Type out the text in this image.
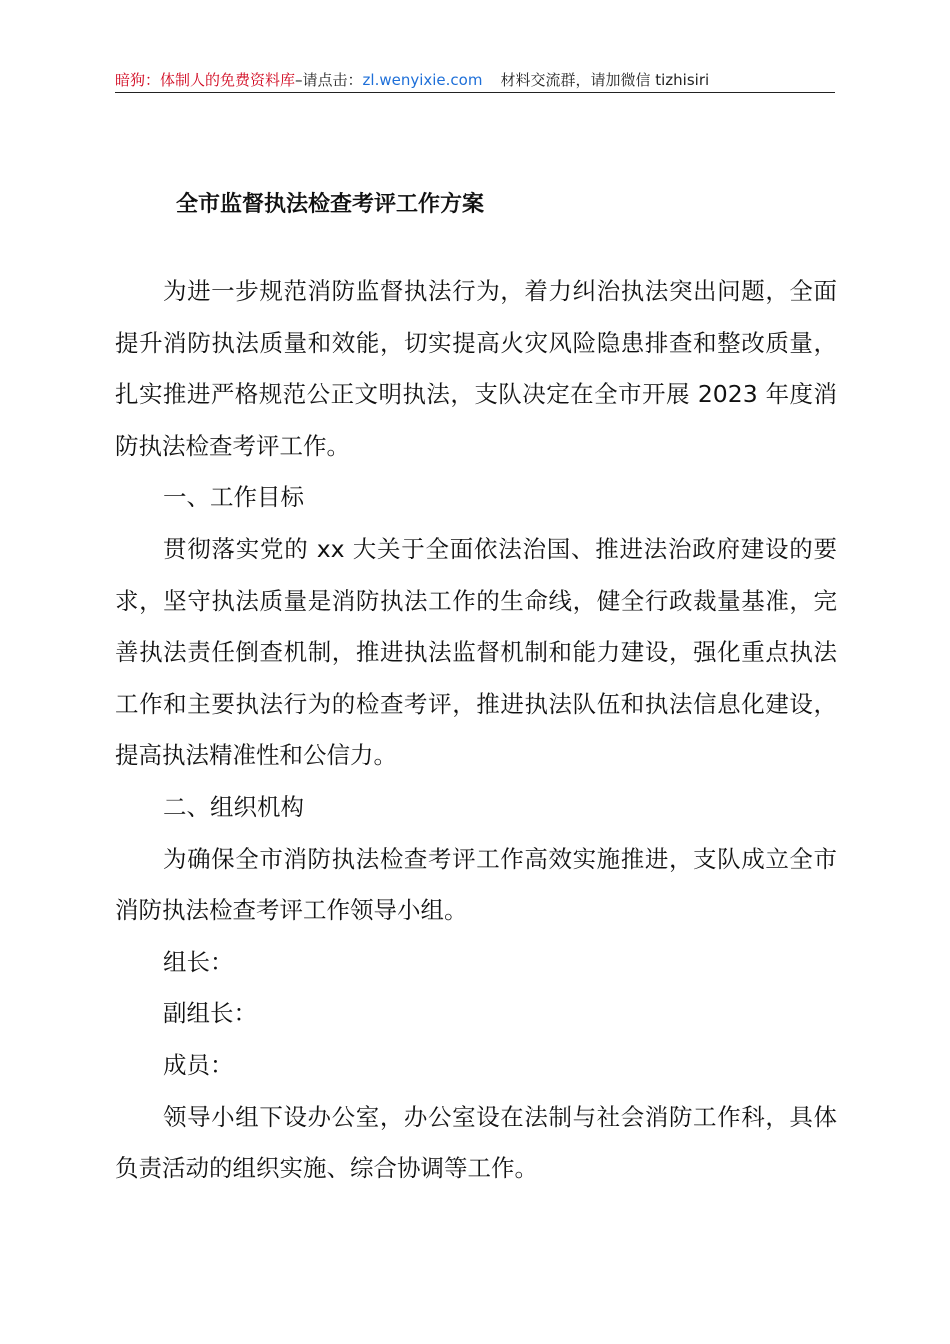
暗狗：体制人的免费资料库–请点击：zl.wenyixie.com 材料交流群，请加微信 tizhisiri
全市监督执法检查考评工作方案

为进一步规范消防监督执法行为，着力纠治执法突出问题，全面提升消防执法质量和效能，切实提高火灾风险隐患排查和整改质量，扎实推进严格规范公正文明执法，支队决定在全市开展 2023 年度消防执法检查考评工作。

一、工作目标

贯彻落实党的 xx 大关于全面依法治国、推进法治政府建设的要求，坚守执法质量是消防执法工作的生命线，健全行政裁量基准，完善执法责任倒查机制，推进执法监督机制和能力建设，强化重点执法工作和主要执法行为的检查考评，推进执法队伍和执法信息化建设，提高执法精准性和公信力。

二、组织机构

为确保全市消防执法检查考评工作高效实施推进，支队成立全市消防执法检查考评工作领导小组。

组长：

副组长：

成员：

领导小组下设办公室，办公室设在法制与社会消防工作科，具体负责活动的组织实施、综合协调等工作。
